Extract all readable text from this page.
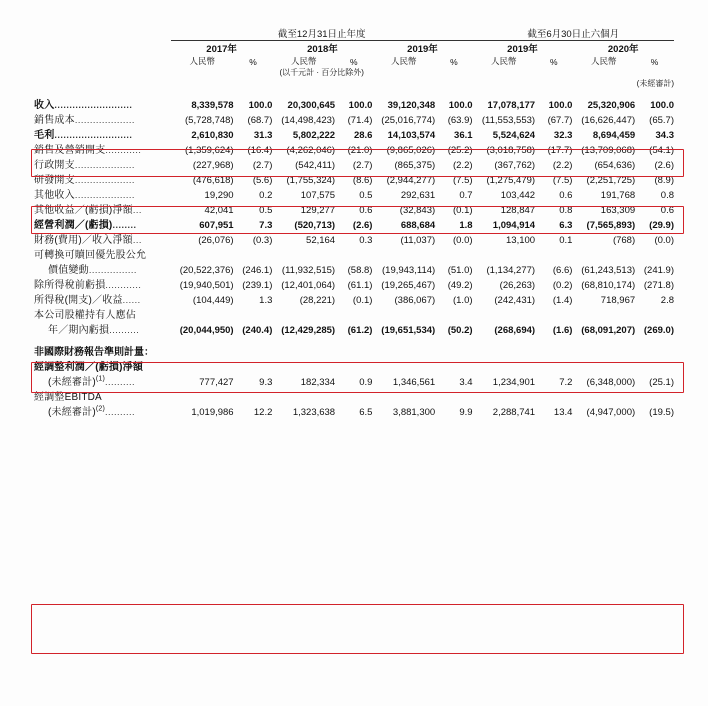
	截至12月31日止年度						截至6月30日止六個月			

	2017年		2018年		2019年		2019年		2020年	
	人民幣	%	人民幣	%	人民幣	%	人民幣	%	人民幣	%
	(以千元計 · 百分比除外)									
							(未經審計)			

收入..........................	8,339,578	100.0	20,300,645	100.0	39,120,348	100.0	17,078,177	100.0	25,320,906	100.0
銷售成本....................	(5,728,748)	(68.7)	(14,498,423)	(71.4)	(25,016,774)	(63.9)	(11,553,553)	(67.7)	(16,626,447)	(65.7)
毛利..........................	2,610,830	31.3	5,802,222	28.6	14,103,574	36.1	5,524,624	32.3	8,694,459	34.3
銷售及營銷開支............	(1,359,624)	(16.4)	(4,262,046)	(21.0)	(9,865,026)	(25.2)	(3,018,758)	(17.7)	(13,709,068)	(54.1)
行政開支....................	(227,968)	(2.7)	(542,411)	(2.7)	(865,375)	(2.2)	(367,762)	(2.2)	(654,636)	(2.6)
研發開支....................	(476,618)	(5.6)	(1,755,324)	(8.6)	(2,944,277)	(7.5)	(1,275,479)	(7.5)	(2,251,725)	(8.9)
其他收入....................	19,290	0.2	107,575	0.5	292,631	0.7	103,442	0.6	191,768	0.8
其他收益／(虧損)淨額...	42,041	0.5	129,277	0.6	(32,843)	(0.1)	128,847	0.8	163,309	0.6
經營利潤／(虧損)........	607,951	7.3	(520,713)	(2.6)	688,684	1.8	1,094,914	6.3	(7,565,893)	(29.9)
財務(費用)／收入淨額...	(26,076)	(0.3)	52,164	0.3	(11,037)	(0.0)	13,100	0.1	(768)	(0.0)
可轉換可贖回優先股公允										
價值變動................	(20,522,376)	(246.1)	(11,932,515)	(58.8)	(19,943,114)	(51.0)	(1,134,277)	(6.6)	(61,243,513)	(241.9)
除所得稅前虧損............	(19,940,501)	(239.1)	(12,401,064)	(61.1)	(19,265,467)	(49.2)	(26,263)	(0.2)	(68,810,174)	(271.8)
所得稅(開支)／收益......	(104,449)	1.3	(28,221)	(0.1)	(386,067)	(1.0)	(242,431)	(1.4)	718,967	2.8
本公司股權持有人應佔										
年／期內虧損..........	(20,044,950)	(240.4)	(12,429,285)	(61.2)	(19,651,534)	(50.2)	(268,694)	(1.6)	(68,091,207)	(269.0)

非國際財務報告準則計量：										
經調整利潤／(虧損)淨額										
(未經審計)$^{(1)}$..........	777,427	9.3	182,334	0.9	1,346,561	3.4	1,234,901	7.2	(6,348,000)	(25.1)
經調整EBITDA										
(未經審計)$^{(2)}$..........	1,019,986	12.2	1,323,638	6.5	3,881,300	9.9	2,288,741	13.4	(4,947,000)	(19.5)
